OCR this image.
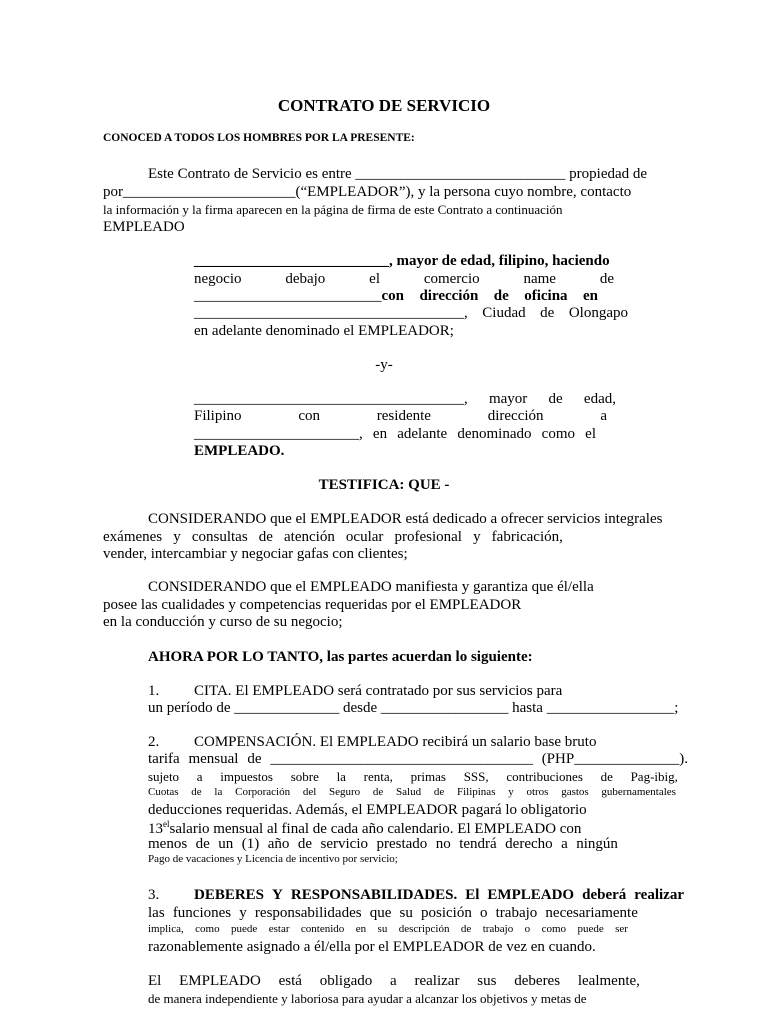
CONTRATO DE SERVICIO
CONOCED A TODOS LOS HOMBRES POR LA PRESENTE:
Este Contrato de Servicio es entre ____________________________ propiedad de
por_______________________(“EMPLEADOR”), y la persona cuyo nombre, contacto
la información y la firma aparecen en la página de firma de este Contrato a continuación
EMPLEADO
__________________________, mayor de edad, filipino, haciendo
negocio	debajo	el	comercio	name	de
_________________________ con dirección de oficina en
____________________________________, Ciudad de Olongapo
en adelante denominado el EMPLEADOR;
-y-
____________________________________, mayor de edad,
Filipino	con	residente	dirección	a
______________________, en adelante denominado como el
EMPLEADO.
TESTIFICA: QUE -
CONSIDERANDO que el EMPLEADOR está dedicado a ofrecer servicios integrales
exámenes y consultas de atención ocular profesional y fabricación,
vender, intercambiar y negociar gafas con clientes;
CONSIDERANDO que el EMPLEADO manifiesta y garantiza que él/ella
posee las cualidades y competencias requeridas por el EMPLEADOR
en la conducción y curso de su negocio;
AHORA POR LO TANTO, las partes acuerdan lo siguiente:
1. CITA. El EMPLEADO será contratado por sus servicios para
un período de ______________ desde _________________ hasta _________________;
2. COMPENSACIÓN. El EMPLEADO recibirá un salario base bruto
tarifa mensual de ___________________________________ (PHP______________).
sujeto a impuestos sobre la renta, primas SSS, contribuciones de Pag-ibig,
Cuotas de la Corporación del Seguro de Salud de Filipinas y otros gastos gubernamentales
deducciones requeridas. Además, el EMPLEADOR pagará lo obligatorio
$13^{el}salario$ mensual al final de cada año calendario. El EMPLEADO con
menos de un (1) año de servicio prestado no tendrá derecho a ningún
Pago de vacaciones y Licencia de incentivo por servicio;
3. DEBERES Y RESPONSABILIDADES. El EMPLEADO deberá realizar
las funciones y responsabilidades que su posición o trabajo necesariamente
implica, como puede estar contenido en su descripción de trabajo o como puede ser
razonablemente asignado a él/ella por el EMPLEADOR de vez en cuando.
El EMPLEADO está obligado a realizar sus deberes lealmente,
de manera independiente y laboriosa para ayudar a alcanzar los objetivos y metas de
